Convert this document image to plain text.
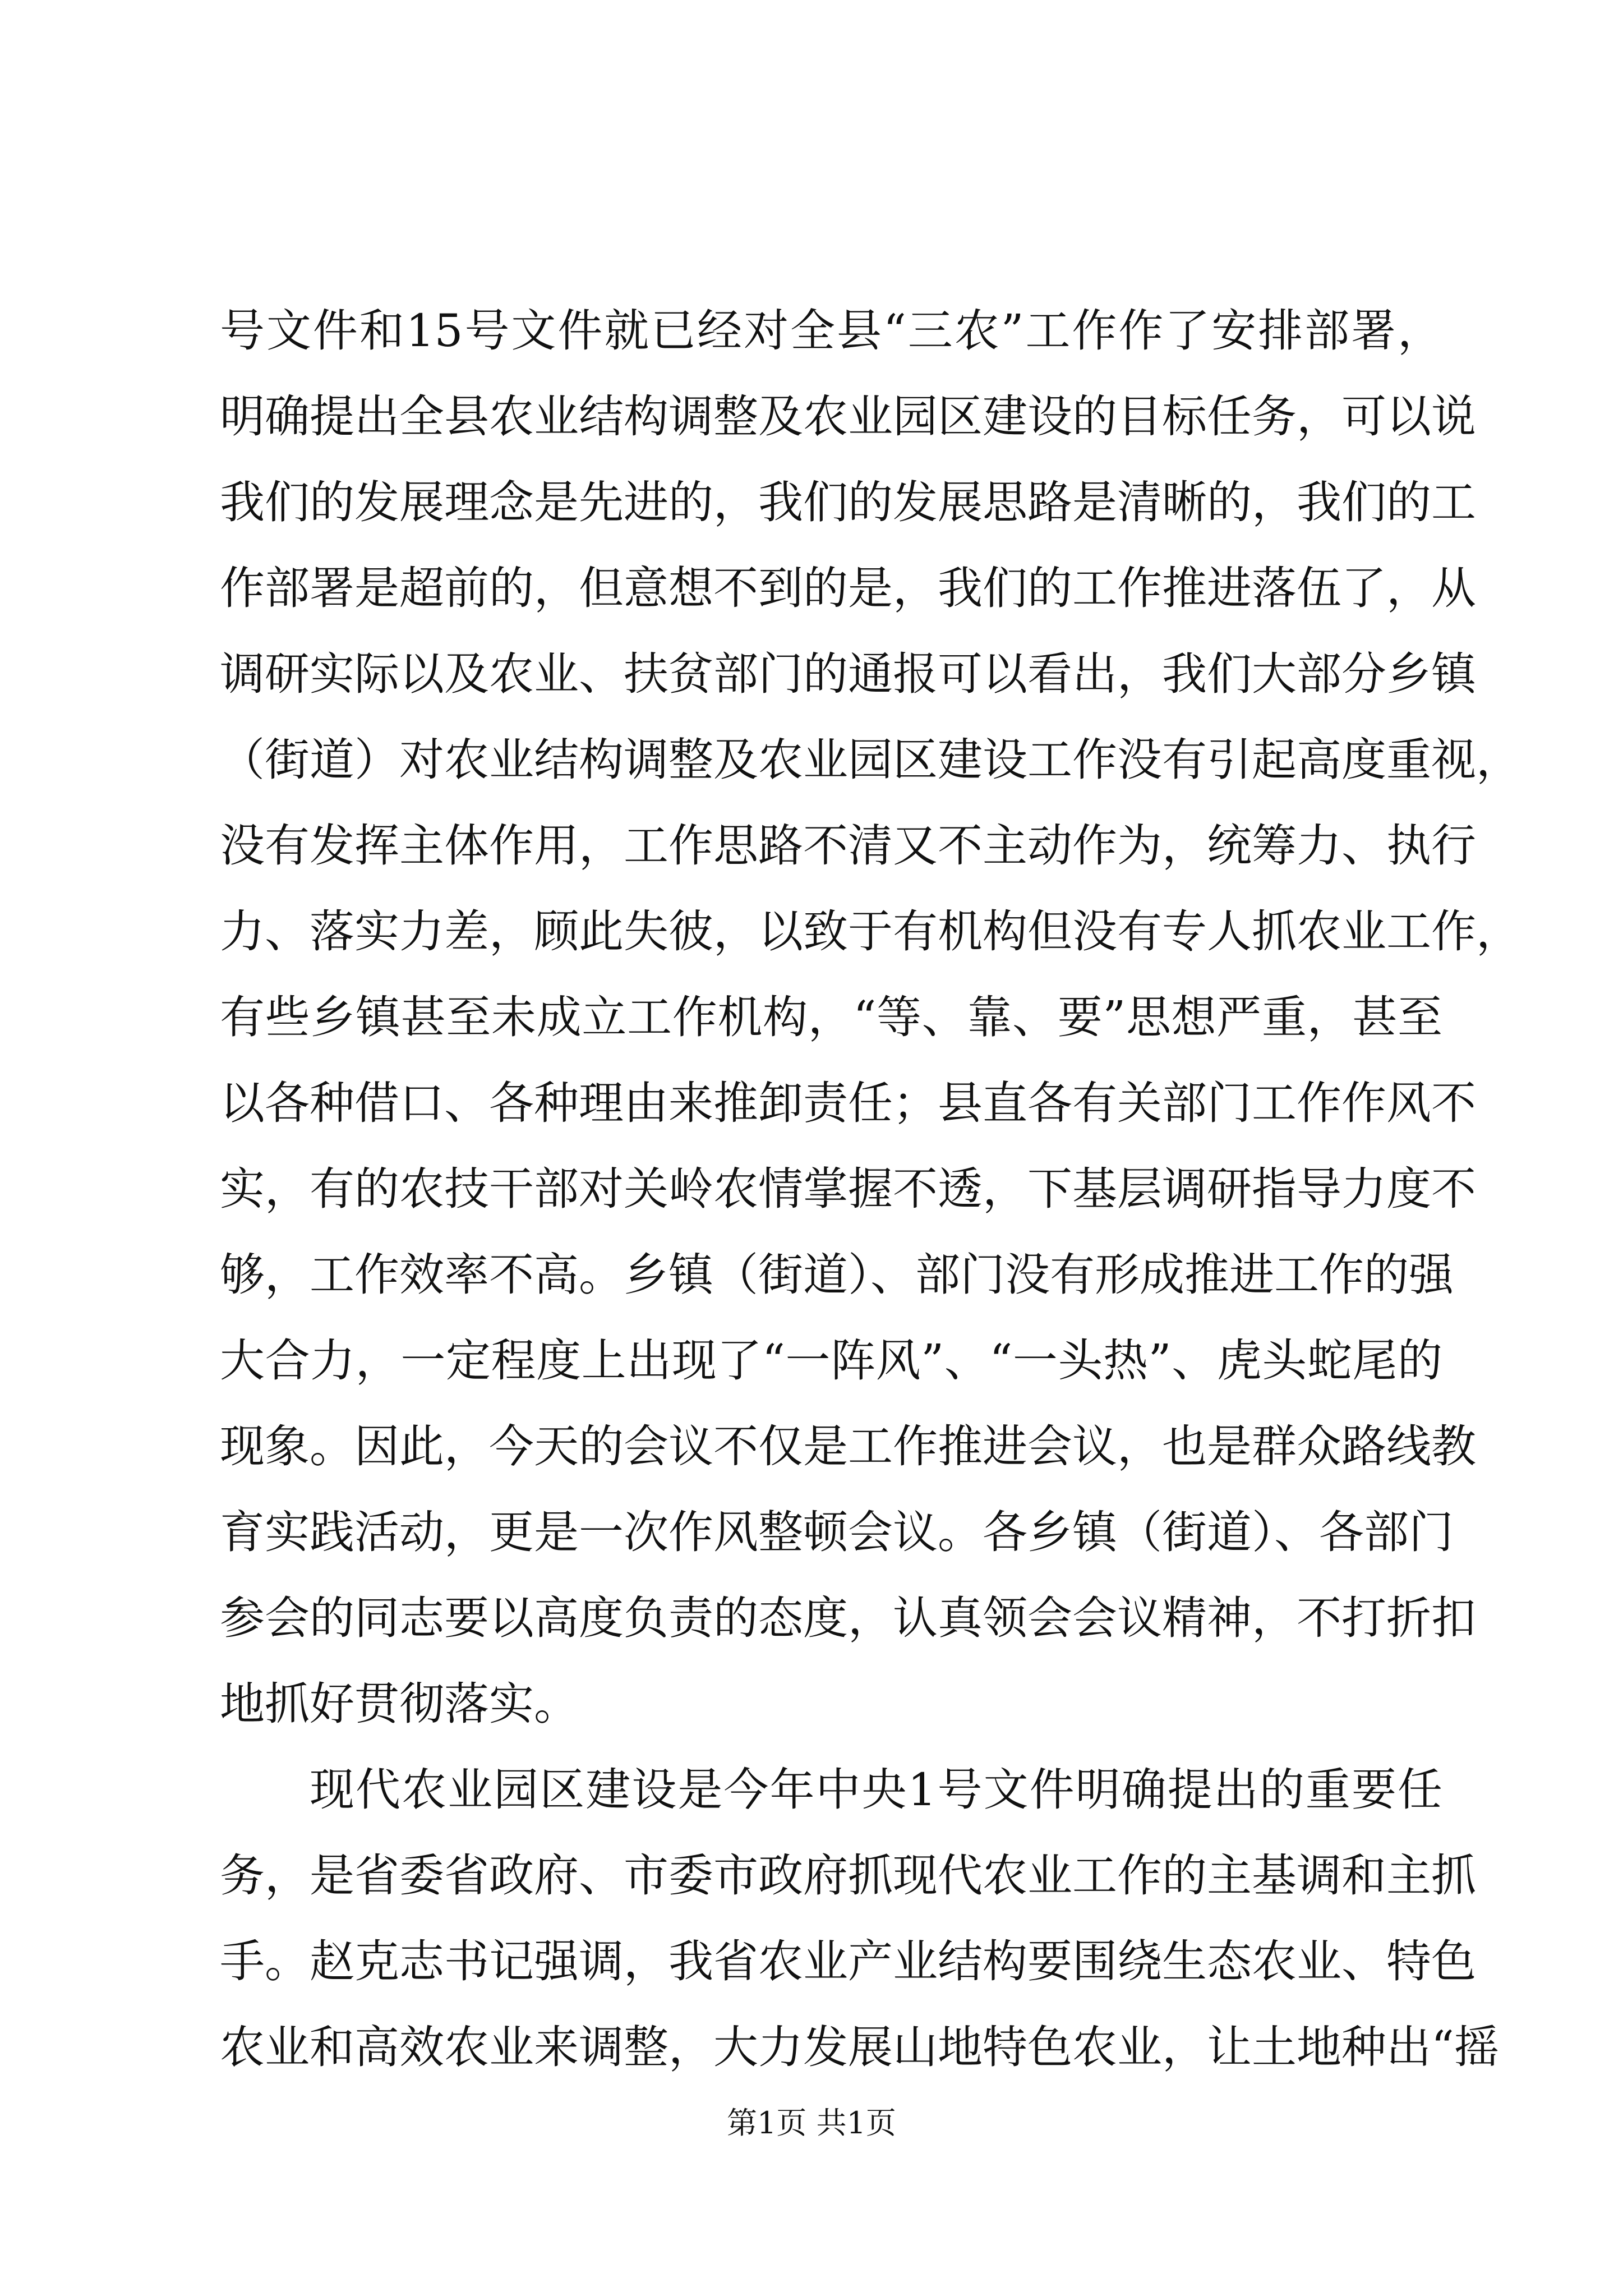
号文件和15号文件就已经对全县“三农”工作作了安排部署，
明确提出全县农业结构调整及农业园区建设的目标任务，可以说
我们的发展理念是先进的，我们的发展思路是清晰的，我们的工
作部署是超前的，但意想不到的是，我们的工作推进落伍了，从
调研实际以及农业、扶贫部门的通报可以看出，我们大部分乡镇
（街道）对农业结构调整及农业园区建设工作没有引起高度重视，
没有发挥主体作用，工作思路不清又不主动作为，统筹力、执行
力、落实力差，顾此失彼，以致于有机构但没有专人抓农业工作，
有些乡镇甚至未成立工作机构，“等、靠、要”思想严重，甚至
以各种借口、各种理由来推卸责任；县直各有关部门工作作风不
实，有的农技干部对关岭农情掌握不透，下基层调研指导力度不
够，工作效率不高。乡镇（街道）、部门没有形成推进工作的强
大合力，一定程度上出现了“一阵风”、“一头热”、虎头蛇尾的
现象。因此，今天的会议不仅是工作推进会议，也是群众路线教
育实践活动，更是一次作风整顿会议。各乡镇（街道）、各部门
参会的同志要以高度负责的态度，认真领会会议精神，不打折扣
地抓好贯彻落实。
现代农业园区建设是今年中央1号文件明确提出的重要任
务，是省委省政府、市委市政府抓现代农业工作的主基调和主抓
手。赵克志书记强调，我省农业产业结构要围绕生态农业、特色
农业和高效农业来调整，大力发展山地特色农业，让土地种出“摇
第1页 共1页
